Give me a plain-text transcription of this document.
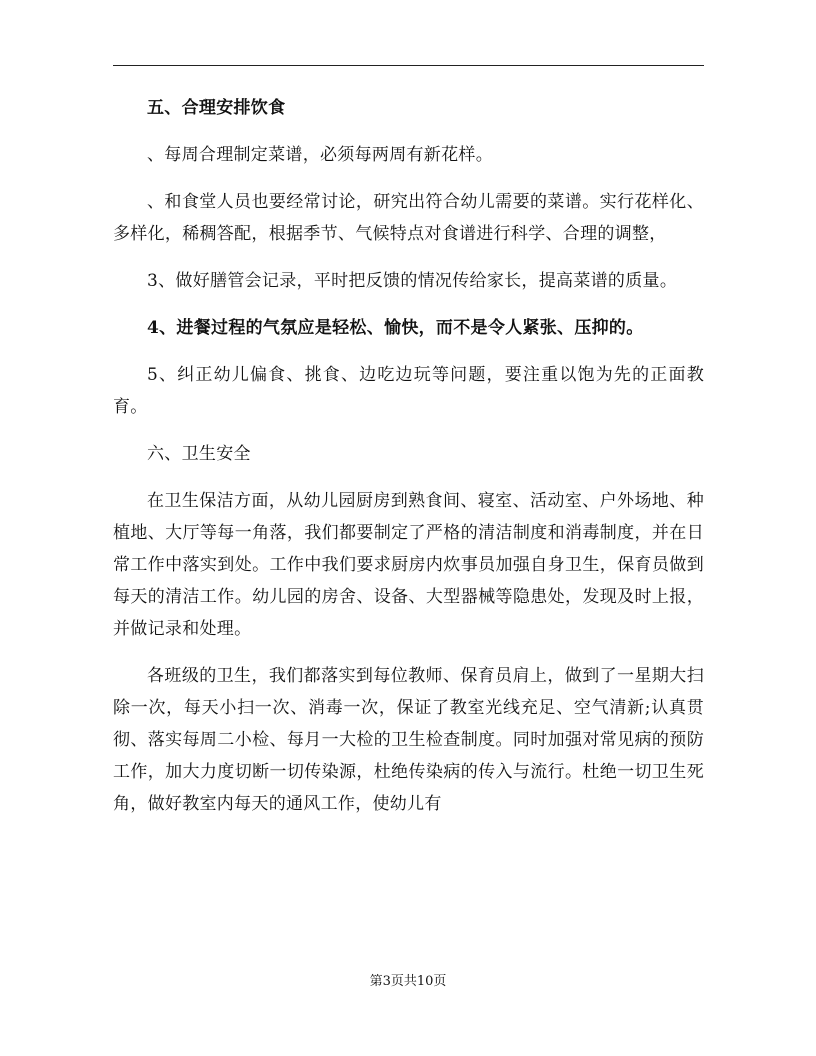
五、合理安排饮食

、每周合理制定菜谱，必须每两周有新花样。

、和食堂人员也要经常讨论，研究出符合幼儿需要的菜谱。实行花样化、多样化，稀稠答配，根据季节、气候特点对食谱进行科学、合理的调整，

3、做好膳管会记录，平时把反馈的情况传给家长，提高菜谱的质量。

4、进餐过程的气氛应是轻松、愉快，而不是令人紧张、压抑的。

5、纠正幼儿偏食、挑食、边吃边玩等问题，要注重以饱为先的正面教育。

六、卫生安全

在卫生保洁方面，从幼儿园厨房到熟食间、寝室、活动室、户外场地、种植地、大厅等每一角落，我们都要制定了严格的清洁制度和消毒制度，并在日常工作中落实到处。工作中我们要求厨房内炊事员加强自身卫生，保育员做到每天的清洁工作。幼儿园的房舍、设备、大型器械等隐患处，发现及时上报，并做记录和处理。

各班级的卫生，我们都落实到每位教师、保育员肩上，做到了一星期大扫除一次，每天小扫一次、消毒一次，保证了教室光线充足、空气清新;认真贯彻、落实每周二小检、每月一大检的卫生检查制度。同时加强对常见病的预防工作，加大力度切断一切传染源，杜绝传染病的传入与流行。杜绝一切卫生死角，做好教室内每天的通风工作，使幼儿有

第3页共10页
